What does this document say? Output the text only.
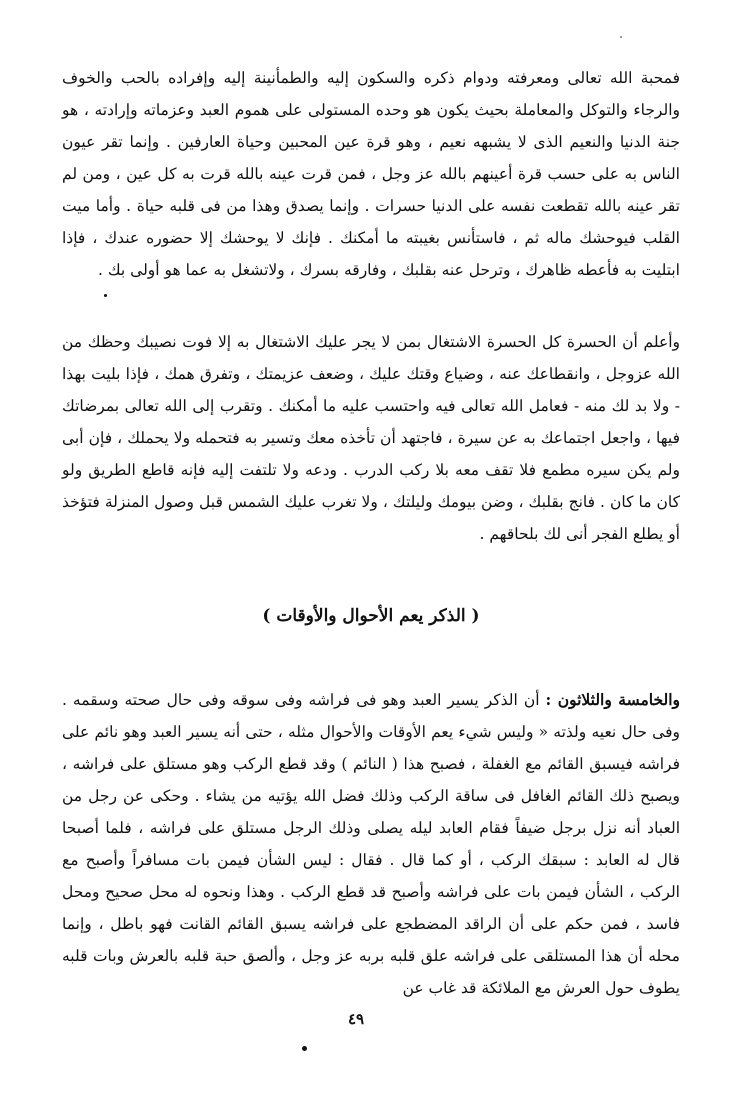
فمحبة الله تعالى ومعرفته ودوام ذكره والسكون إليه والطمأنينة إليه وإفراده بالحب والخوف والرجاء والتوكل والمعاملة بحيث يكون هو وحده المستولى على هموم العبد وعزماته وإرادته ، هو جنة الدنيا والنعيم الذى لا يشبهه نعيم ، وهو قرة عين المحبين وحياة العارفين . وإنما تقر عيون الناس به على حسب قرة أعينهم بالله عز وجل ، فمن قرت عينه بالله قرت به كل عين ، ومن لم تقر عينه بالله تقطعت نفسه على الدنيا حسرات . وإنما يصدق وهذا من فى قلبه حياة . وأما ميت القلب فيوحشك ماله ثم ، فاستأنس بغيبته ما أمكنك . فإنك لا يوحشك إلا حضوره عندك ، فإذا ابتليت به فأعطه ظاهرك ، وترحل عنه بقلبك ، وفارقه بسرك ، ولاتشغل به عما هو أولى بك .

وأعلم أن الحسرة كل الحسرة الاشتغال بمن لا يجر عليك الاشتغال به إلا فوت نصيبك وحظك من الله عزوجل ، وانقطاعك عنه ، وضياع وقتك عليك ، وضعف عزيمتك ، وتفرق همك ، فإذا بليت بهذا - ولا بد لك منه - فعامل الله تعالى فيه واحتسب عليه ما أمكنك . وتقرب إلى الله تعالى بمرضاتك فيها ، واجعل اجتماعك به عن سيرة ، فاجتهد أن تأخذه معك وتسير به فتحمله ولا يحملك ، فإن أبى ولم يكن سيره مطمع فلا تقف معه بلا ركب الدرب . ودعه ولا تلتفت إليه فإنه قاطع الطريق ولو كان ما كان . فانج بقلبك ، وضن بيومك وليلتك ، ولا تغرب عليك الشمس قبل وصول المنزلة فتؤخذ أو يطلع الفجر أنى لك بلحاقهم .

( الذكر يعم الأحوال والأوقات )

والخامسة والثلاثون : أن الذكر يسير العبد وهو فى فراشه وفى سوقه وفى حال صحته وسقمه . وفى حال نعيه ولذته « وليس شيء يعم الأوقات والأحوال مثله ، حتى أنه يسير العبد وهو نائم على فراشه فيسبق القائم مع الغفلة ، فصبح هذا ( النائم ) وقد قطع الركب وهو مستلق على فراشه ، ويصبح ذلك القائم الغافل فى ساقة الركب وذلك فضل الله يؤتيه من يشاء . وحكى عن رجل من العباد أنه نزل برجل ضيفاً فقام العابد ليله يصلى وذلك الرجل مستلق على فراشه ، فلما أصبحا قال له العابد : سبقك الركب ، أو كما قال . فقال : ليس الشأن فيمن بات مسافراً وأصبح مع الركب ، الشأن فيمن بات على فراشه وأصبح قد قطع الركب . وهذا ونحوه له محل صحيح ومحل فاسد ، فمن حكم على أن الراقد المضطجع على فراشه يسبق القائم القانت فهو باطل ، وإنما محله أن هذا المستلقى على فراشه علق قلبه بربه عز وجل ، وألصق حبة قلبه بالعرش وبات قلبه يطوف حول العرش مع الملائكة قد غاب عن

٤٩
